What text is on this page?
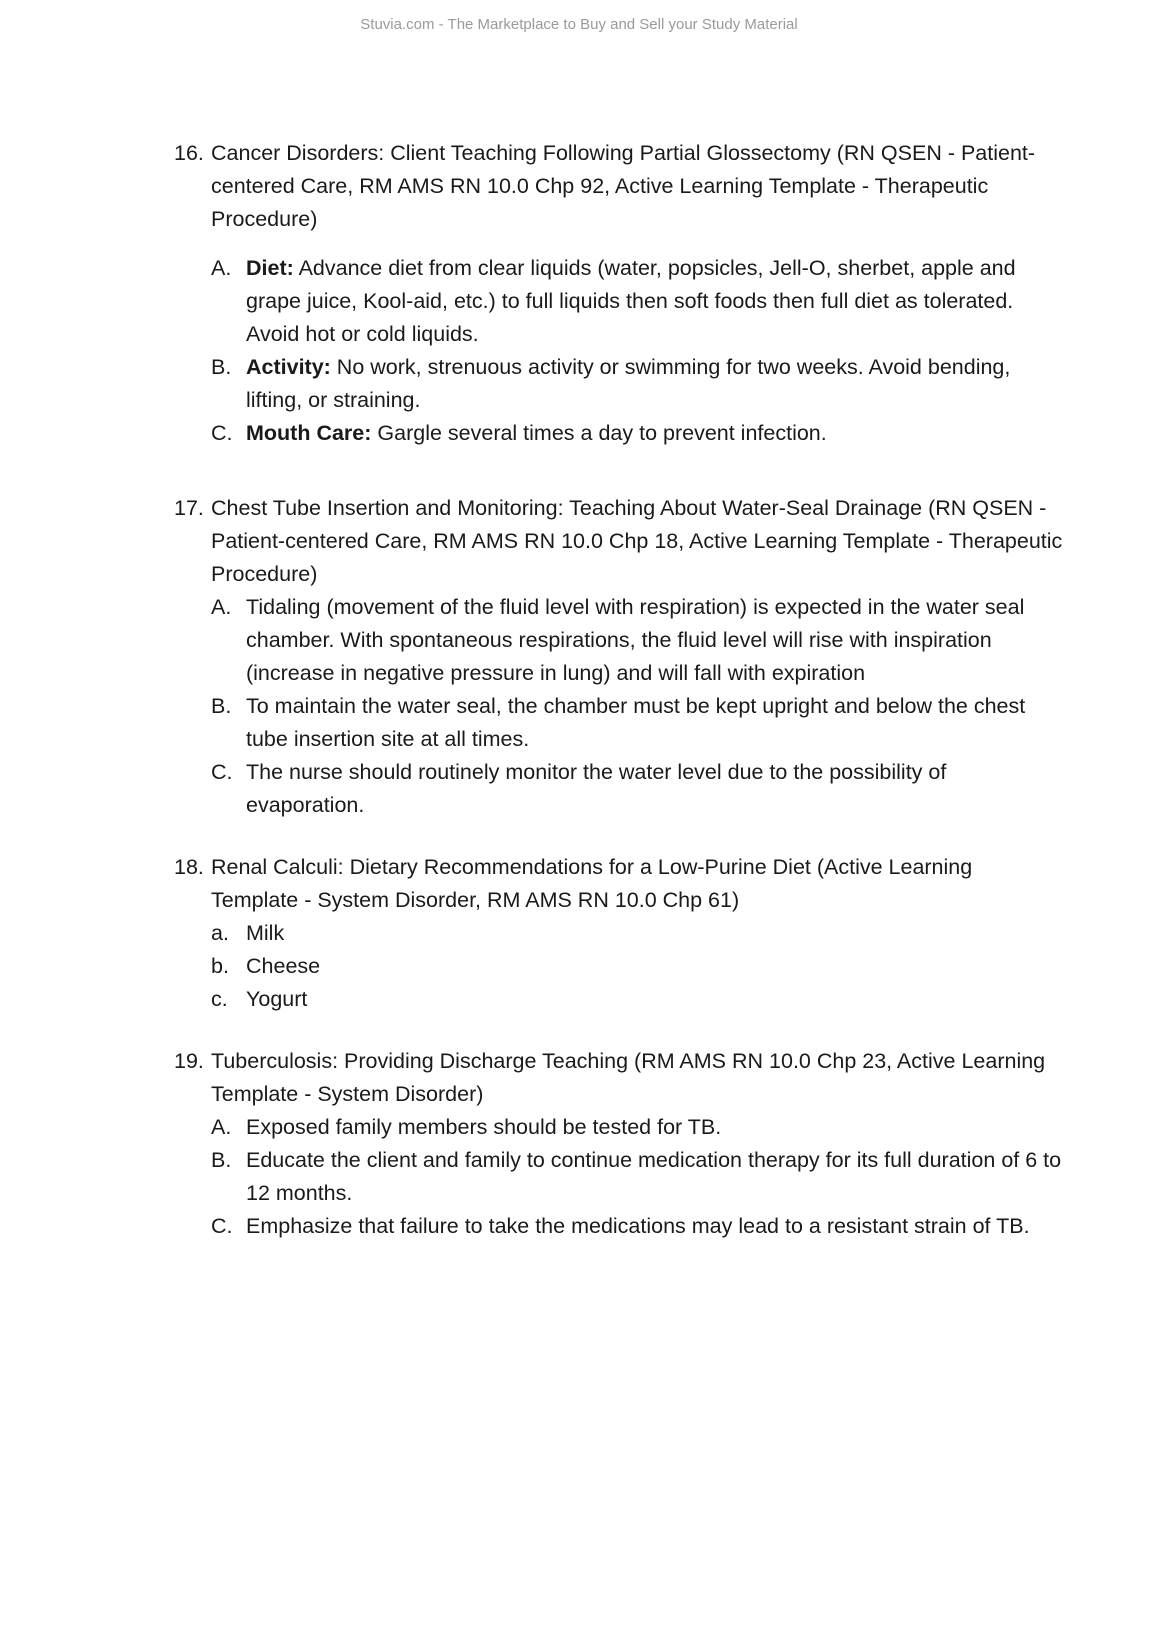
Stuvia.com - The Marketplace to Buy and Sell your Study Material
16. Cancer Disorders: Client Teaching Following Partial Glossectomy (RN QSEN - Patient-centered Care, RM AMS RN 10.0 Chp 92, Active Learning Template - Therapeutic Procedure)
A. Diet: Advance diet from clear liquids (water, popsicles, Jell-O, sherbet, apple and grape juice, Kool-aid, etc.) to full liquids then soft foods then full diet as tolerated. Avoid hot or cold liquids.
B. Activity: No work, strenuous activity or swimming for two weeks. Avoid bending, lifting, or straining.
C. Mouth Care: Gargle several times a day to prevent infection.
17. Chest Tube Insertion and Monitoring: Teaching About Water-Seal Drainage (RN QSEN - Patient-centered Care, RM AMS RN 10.0 Chp 18, Active Learning Template - Therapeutic Procedure)
A. Tidaling (movement of the fluid level with respiration) is expected in the water seal chamber. With spontaneous respirations, the fluid level will rise with inspiration (increase in negative pressure in lung) and will fall with expiration
B. To maintain the water seal, the chamber must be kept upright and below the chest tube insertion site at all times.
C. The nurse should routinely monitor the water level due to the possibility of evaporation.
18. Renal Calculi: Dietary Recommendations for a Low-Purine Diet (Active Learning Template - System Disorder, RM AMS RN 10.0 Chp 61)
a. Milk
b. Cheese
c. Yogurt
19. Tuberculosis: Providing Discharge Teaching (RM AMS RN 10.0 Chp 23, Active Learning Template - System Disorder)
A. Exposed family members should be tested for TB.
B. Educate the client and family to continue medication therapy for its full duration of 6 to 12 months.
C. Emphasize that failure to take the medications may lead to a resistant strain of TB.
